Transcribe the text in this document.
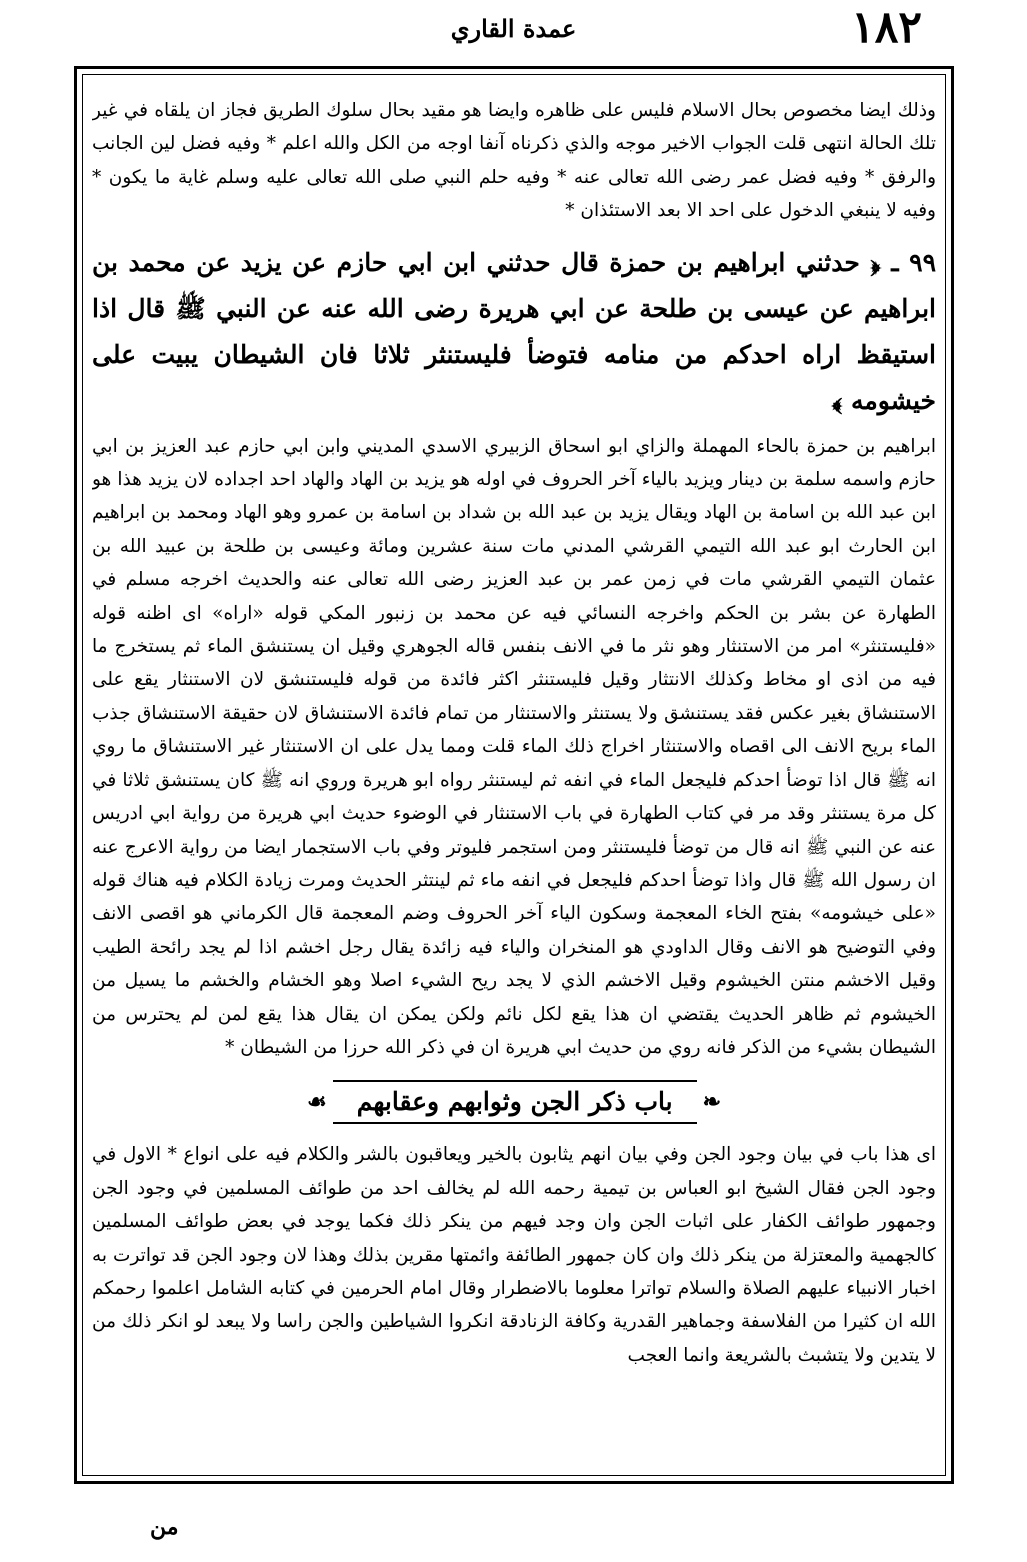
١٨٢
عمدة القاري

وذلك ايضا مخصوص بحال الاسلام فليس على ظاهره وايضا هو مقيد بحال سلوك الطريق فجاز ان يلقاه في غير تلك الحالة انتهى قلت الجواب الاخير موجه والذي ذكرناه آنفا اوجه من الكل والله اعلم * وفيه فضل لين الجانب والرفق * وفيه فضل عمر رضى الله تعالى عنه * وفيه حلم النبي صلى الله تعالى عليه وسلم غاية ما يكون * وفيه لا ينبغي الدخول على احد الا بعد الاستئذان *

٩٩ ـ ﴿ حدثني ابراهيم بن حمزة قال حدثني ابن ابي حازم عن يزيد عن محمد بن ابراهيم عن عيسى بن طلحة عن ابي هريرة رضى الله عنه عن النبي ﷺ قال اذا استيقظ اراه احدكم من منامه فتوضأ فليستنثر ثلاثا فان الشيطان يبيت على خيشومه ﴾

ابراهيم بن حمزة بالحاء المهملة والزاي ابو اسحاق الزبيري الاسدي المديني وابن ابي حازم عبد العزيز بن ابي حازم واسمه سلمة بن دينار ويزيد بالياء آخر الحروف في اوله هو يزيد بن الهاد والهاد احد اجداده لان يزيد هذا هو ابن عبد الله بن اسامة بن الهاد ويقال يزيد بن عبد الله بن شداد بن اسامة بن عمرو وهو الهاد ومحمد بن ابراهيم ابن الحارث ابو عبد الله التيمي القرشي المدني مات سنة عشرين ومائة وعيسى بن طلحة بن عبيد الله بن عثمان التيمي القرشي مات في زمن عمر بن عبد العزيز رضى الله تعالى عنه والحديث اخرجه مسلم في الطهارة عن بشر بن الحكم واخرجه النسائي فيه عن محمد بن زنبور المكي قوله «اراه» اى اظنه قوله «فليستنثر» امر من الاستنثار وهو نثر ما في الانف بنفس قاله الجوهري وقيل ان يستنشق الماء ثم يستخرج ما فيه من اذى او مخاط وكذلك الانتثار وقيل فليستنثر اكثر فائدة من قوله فليستنشق لان الاستنثار يقع على الاستنشاق بغير عكس فقد يستنشق ولا يستنثر والاستنثار من تمام فائدة الاستنشاق لان حقيقة الاستنشاق جذب الماء بريح الانف الى اقصاه والاستنثار اخراج ذلك الماء قلت ومما يدل على ان الاستنثار غير الاستنشاق ما روي انه ﷺ قال اذا توضأ احدكم فليجعل الماء في انفه ثم ليستنثر رواه ابو هريرة وروي انه ﷺ كان يستنشق ثلاثا في كل مرة يستنثر وقد مر في كتاب الطهارة في باب الاستنثار في الوضوء حديث ابي هريرة من رواية ابي ادريس عنه عن النبي ﷺ انه قال من توضأ فليستنثر ومن استجمر فليوتر وفي باب الاستجمار ايضا من رواية الاعرج عنه ان رسول الله ﷺ قال واذا توضأ احدكم فليجعل في انفه ماء ثم لينتثر الحديث ومرت زيادة الكلام فيه هناك قوله «على خيشومه» بفتح الخاء المعجمة وسكون الياء آخر الحروف وضم المعجمة قال الكرماني هو اقصى الانف وفي التوضيح هو الانف وقال الداودي هو المنخران والياء فيه زائدة يقال رجل اخشم اذا لم يجد رائحة الطيب وقيل الاخشم منتن الخيشوم وقيل الاخشم الذي لا يجد ريح الشيء اصلا وهو الخشام والخشم ما يسيل من الخيشوم ثم ظاهر الحديث يقتضي ان هذا يقع لكل نائم ولكن يمكن ان يقال هذا يقع لمن لم يحترس من الشيطان بشيء من الذكر فانه روي من حديث ابي هريرة ان في ذكر الله حرزا من الشيطان *

❧
باب ذكر الجن وثوابهم وعقابهم
☙

اى هذا باب في بيان وجود الجن وفي بيان انهم يثابون بالخير ويعاقبون بالشر والكلام فيه على انواع * الاول في وجود الجن فقال الشيخ ابو العباس بن تيمية رحمه الله لم يخالف احد من طوائف المسلمين في وجود الجن وجمهور طوائف الكفار على اثبات الجن وان وجد فيهم من ينكر ذلك فكما يوجد في بعض طوائف المسلمين كالجهمية والمعتزلة من ينكر ذلك وان كان جمهور الطائفة وائمتها مقرين بذلك وهذا لان وجود الجن قد تواترت به اخبار الانبياء عليهم الصلاة والسلام تواترا معلوما بالاضطرار وقال امام الحرمين في كتابه الشامل اعلموا رحمكم الله ان كثيرا من الفلاسفة وجماهير القدرية وكافة الزنادقة انكروا الشياطين والجن راسا ولا يبعد لو انكر ذلك من لا يتدين ولا يتشبث بالشريعة وانما العجب

من
